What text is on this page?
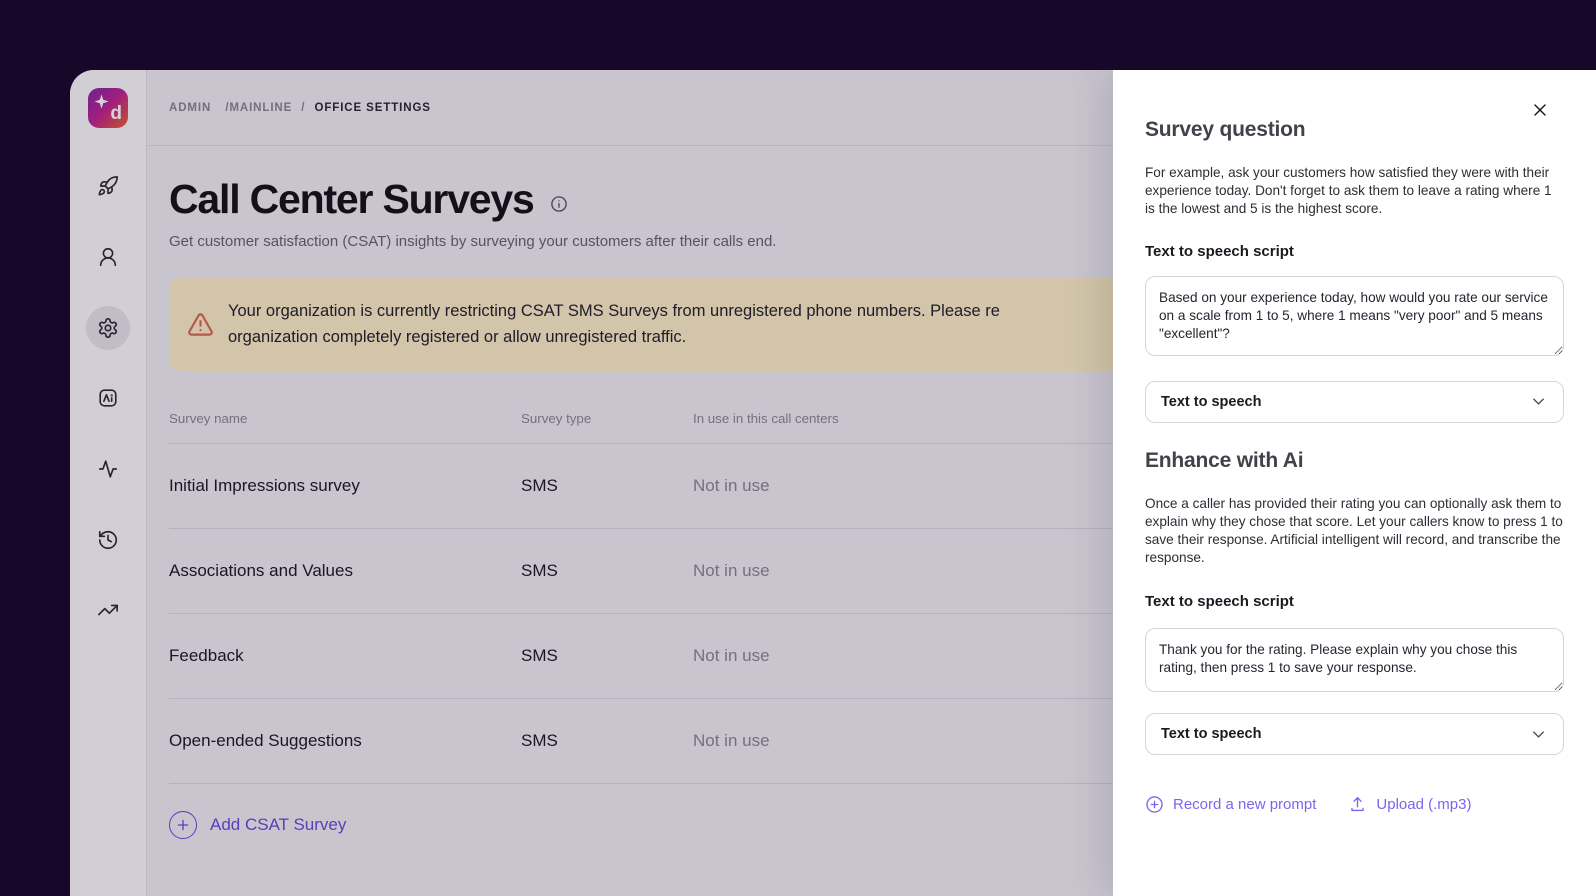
d	ADMIN /MAINLINE / OFFICE SETTINGS
Call Center Surveys
Get customer satisfaction (CSAT) insights by surveying your customers after their calls end.
Your organization is currently restricting CSAT SMS Surveys from unregistered phone numbers. Please re
organization completely registered or allow unregistered traffic.
Survey name	Survey type	In use in this call centers
Initial Impressions survey	SMS	Not in use
Associations and Values	SMS	Not in use
Feedback	SMS	Not in use
Open-ended Suggestions	SMS	Not in use
Add CSAT Survey
Survey question
For example, ask your customers how satisfied they were with their experience today. Don't forget to ask them to leave a rating where 1 is the lowest and 5 is the highest score.
Text to speech script
Based on your experience today, how would you rate our service on a scale from 1 to 5, where 1 means "very poor" and 5 means "excellent"?
Text to speech
Enhance with Ai
Once a caller has provided their rating you can optionally ask them to explain why they chose that score. Let your callers know to press 1 to save their response. Artificial intelligent will record, and transcribe the response.
Text to speech script
Thank you for the rating. Please explain why you chose this rating, then press 1 to save your response.
Text to speech
Record a new prompt	Upload (.mp3)
